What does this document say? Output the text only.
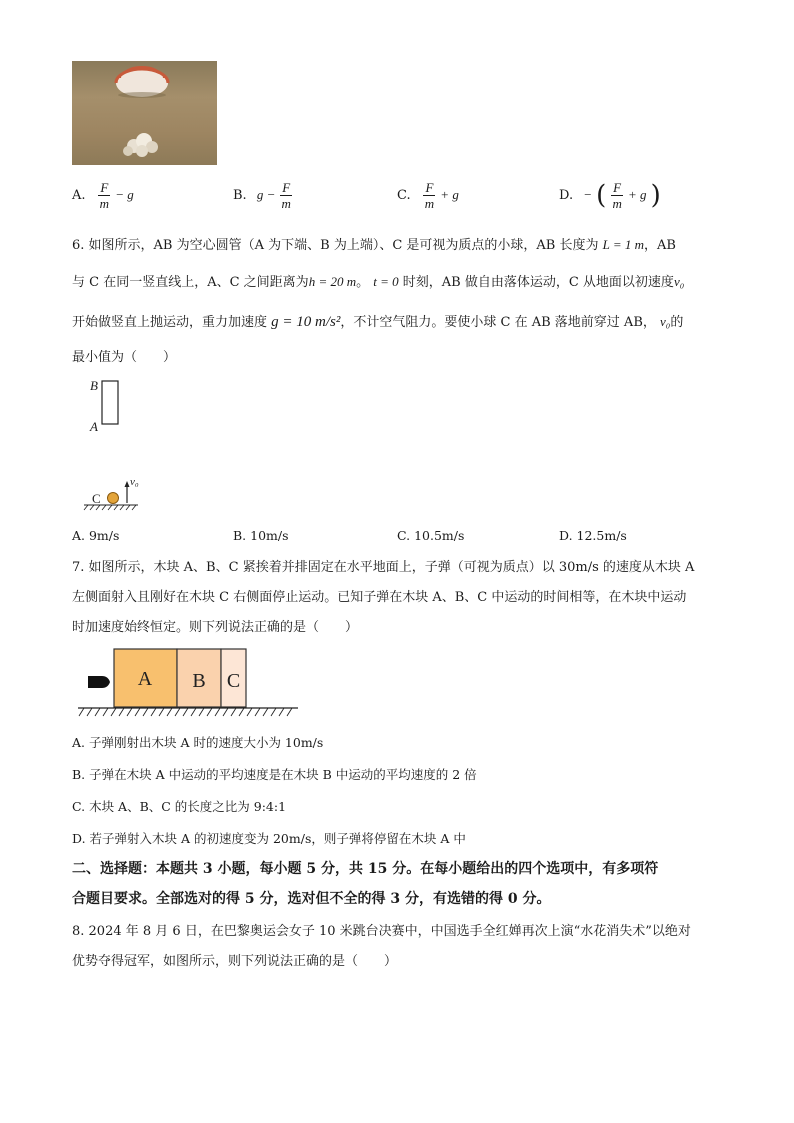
A. $\frac{F}{m} - g$	B. $g - \frac{F}{m}$	C. $\frac{F}{m} + g$	D. − ( $\frac{F}{m} + g$ )
6. 如图所示，AB 为空心圆管（A 为下端、B 为上端）、C 是可视为质点的小球，AB 长度为 L = 1 m，AB
与 C 在同一竖直线上，A、C 之间距离为h = 20 m。 t = 0 时刻，AB 做自由落体运动，C 从地面以初速度v₀
开始做竖直上抛运动，重力加速度 g = 10 m/s²，不计空气阻力。要使小球 C 在 AB 落地前穿过 AB， v₀的
最小值为（　　）
B
A
C
v₀
A. 9m/s	B. 10m/s	C. 10.5m/s	D. 12.5m/s
7. 如图所示，木块 A、B、C 紧挨着并排固定在水平地面上，子弹（可视为质点）以 30m/s 的速度从木块 A
左侧面射入且刚好在木块 C 右侧面停止运动。已知子弹在木块 A、B、C 中运动的时间相等，在木块中运动
时加速度始终恒定。则下列说法正确的是（　　）
A B C
A. 子弹刚射出木块 A 时的速度大小为 10m/s
B. 子弹在木块 A 中运动的平均速度是在木块 B 中运动的平均速度的 2 倍
C. 木块 A、B、C 的长度之比为 9:4:1
D. 若子弹射入木块 A 的初速度变为 20m/s，则子弹将停留在木块 A 中
二、选择题：本题共 3 小题，每小题 5 分，共 15 分。在每小题给出的四个选项中，有多项符
合题目要求。全部选对的得 5 分，选对但不全的得 3 分，有选错的得 0 分。
8. 2024 年 8 月 6 日，在巴黎奥运会女子 10 米跳台决赛中，中国选手全红婵再次上演“水花消失术”以绝对
优势夺得冠军，如图所示，则下列说法正确的是（　　）
